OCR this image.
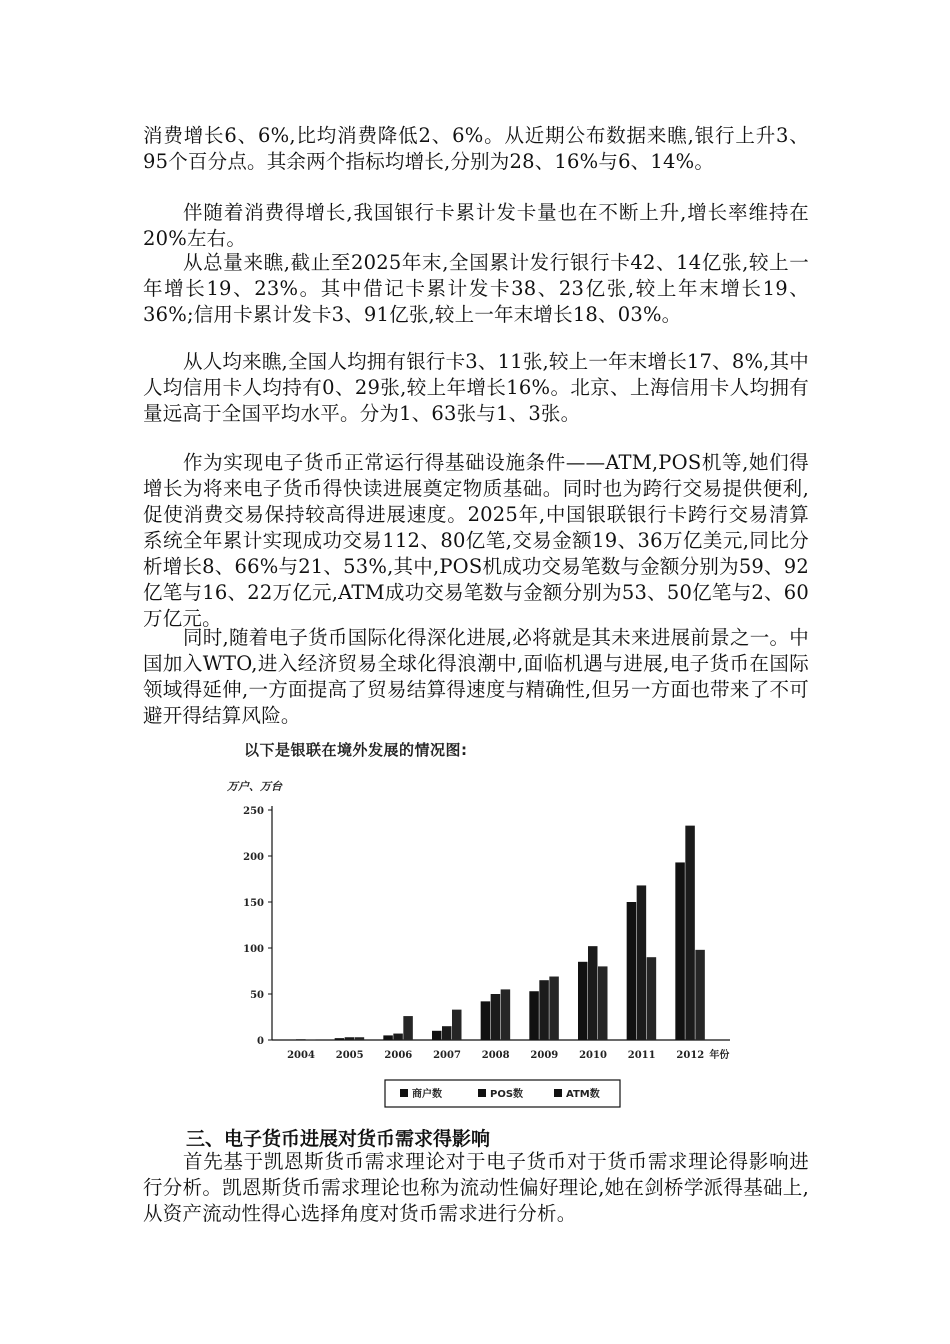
消费增长6、6%,比均消费降低2、6%。从近期公布数据来瞧,银行上升3、95个百分点。其余两个指标均增长,分别为28、16%与6、14%。

伴随着消费得增长,我国银行卡累计发卡量也在不断上升,增长率维持在20%左右。

从总量来瞧,截止至2025年末,全国累计发行银行卡42、14亿张,较上一年增长19、23%。其中借记卡累计发卡38、23亿张,较上年末增长19、36%;信用卡累计发卡3、91亿张,较上一年末增长18、03%。

从人均来瞧,全国人均拥有银行卡3、11张,较上一年末增长17、8%,其中人均信用卡人均持有0、29张,较上年增长16%。北京、上海信用卡人均拥有量远高于全国平均水平。分为1、63张与1、3张。

作为实现电子货币正常运行得基础设施条件——ATM,POS机等,她们得增长为将来电子货币得快读进展奠定物质基础。同时也为跨行交易提供便利,促使消费交易保持较高得进展速度。2025年,中国银联银行卡跨行交易清算系统全年累计实现成功交易112、80亿笔,交易金额19、36万亿美元,同比分析增长8、66%与21、53%,其中,POS机成功交易笔数与金额分别为59、92亿笔与16、22万亿元,ATM成功交易笔数与金额分别为53、50亿笔与2、60万亿元。

同时,随着电子货币国际化得深化进展,必将就是其未来进展前景之一。中国加入WTO,进入经济贸易全球化得浪潮中,面临机遇与进展,电子货币在国际领域得延伸,一方面提高了贸易结算得速度与精确性,但另一方面也带来了不可避开得结算风险。

以下是银联在境外发展的情况图:
万户、万台
0
50
100
150
200
250
2004 2005 2006 2007 2008 2009 2010 2011 2012 年份
商户数	POS数	ATM数
三、电子货币进展对货币需求得影响

首先基于凯恩斯货币需求理论对于电子货币对于货币需求理论得影响进行分析。凯恩斯货币需求理论也称为流动性偏好理论,她在剑桥学派得基础上,从资产流动性得心选择角度对货币需求进行分析。
